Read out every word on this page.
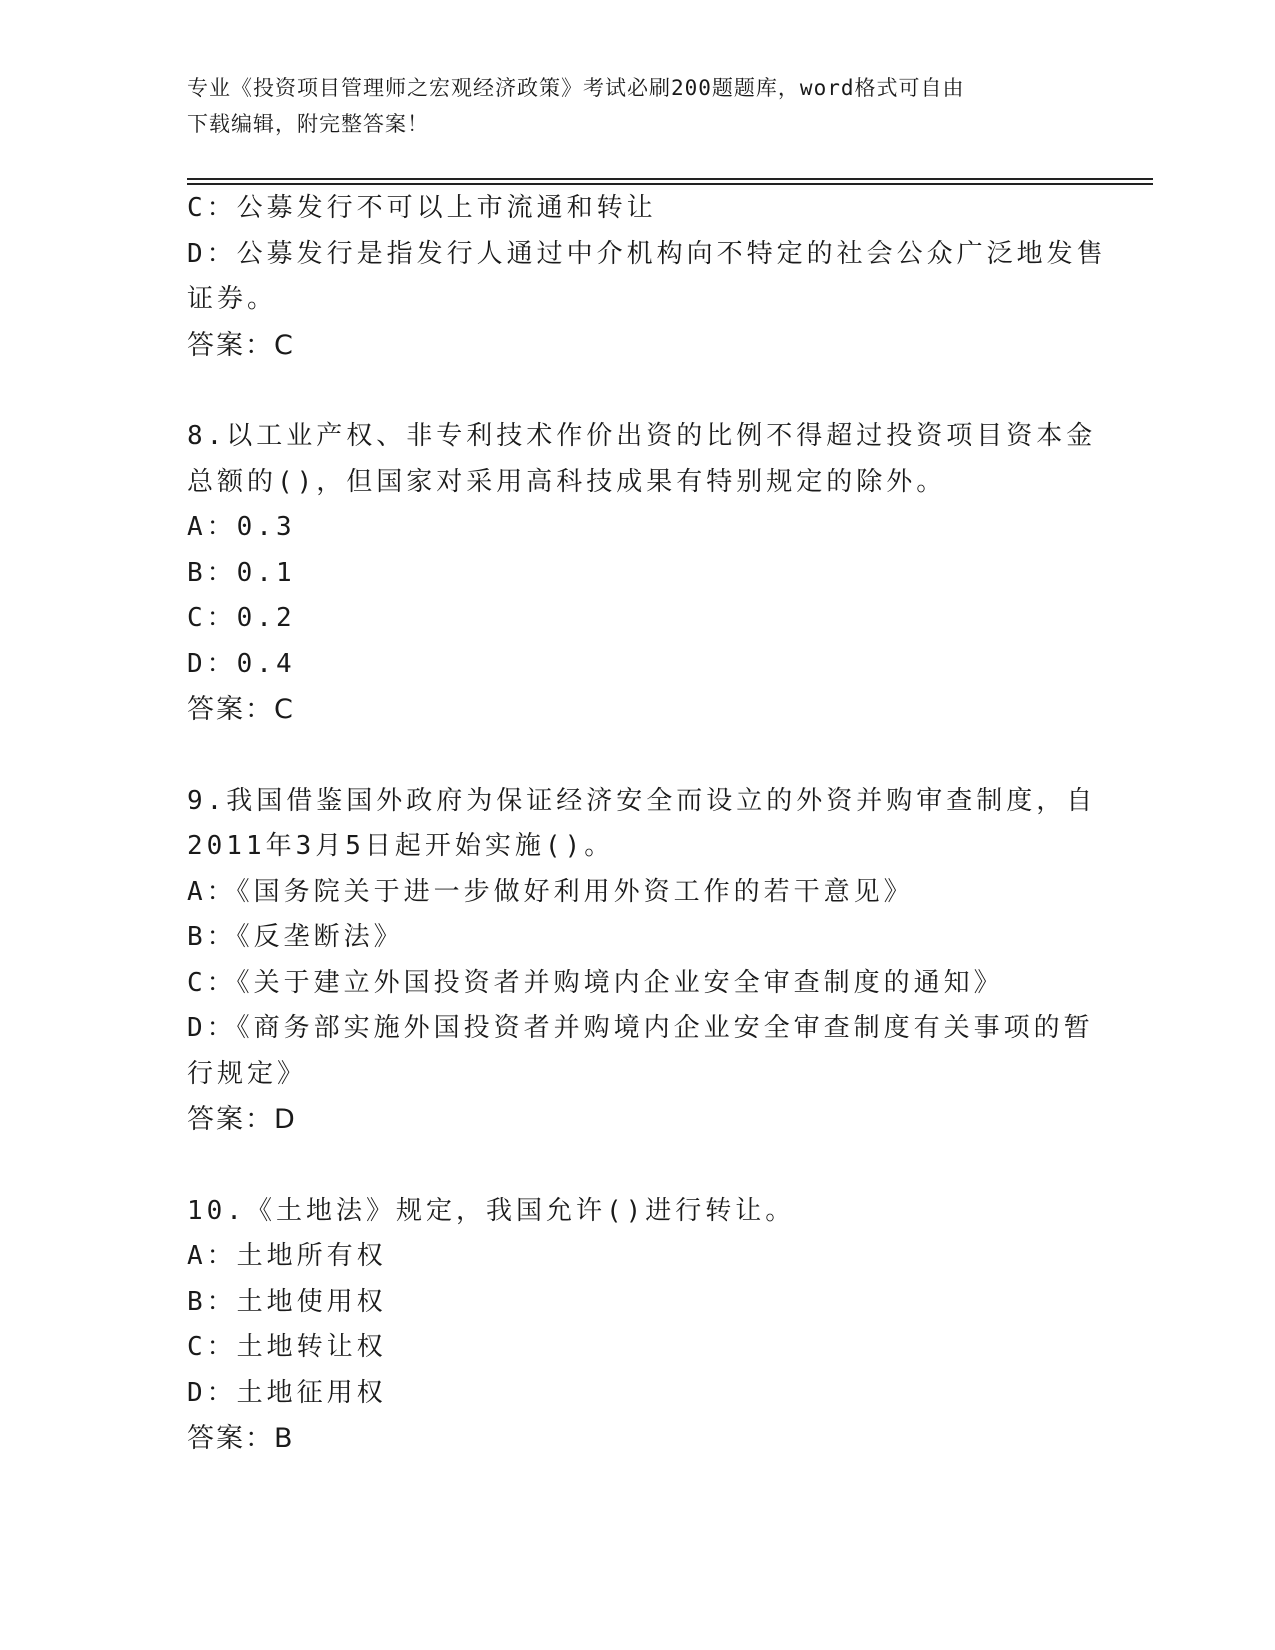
专业《投资项目管理师之宏观经济政策》考试必刷200题题库，word格式可自由
下载编辑，附完整答案！
C：公募发行不可以上市流通和转让
D：公募发行是指发行人通过中介机构向不特定的社会公众广泛地发售
证券。
答案：C
8.以工业产权、非专利技术作价出资的比例不得超过投资项目资本金
总额的()，但国家对采用高科技成果有特别规定的除外。
A：0.3
B：0.1
C：0.2
D：0.4
答案：C
9.我国借鉴国外政府为保证经济安全而设立的外资并购审查制度，自
2011年3月5日起开始实施()。
A：《国务院关于进一步做好利用外资工作的若干意见》
B：《反垄断法》
C：《关于建立外国投资者并购境内企业安全审查制度的通知》
D：《商务部实施外国投资者并购境内企业安全审查制度有关事项的暂
行规定》
答案：D
10.《土地法》规定，我国允许()进行转让。
A：土地所有权
B：土地使用权
C：土地转让权
D：土地征用权
答案：B
